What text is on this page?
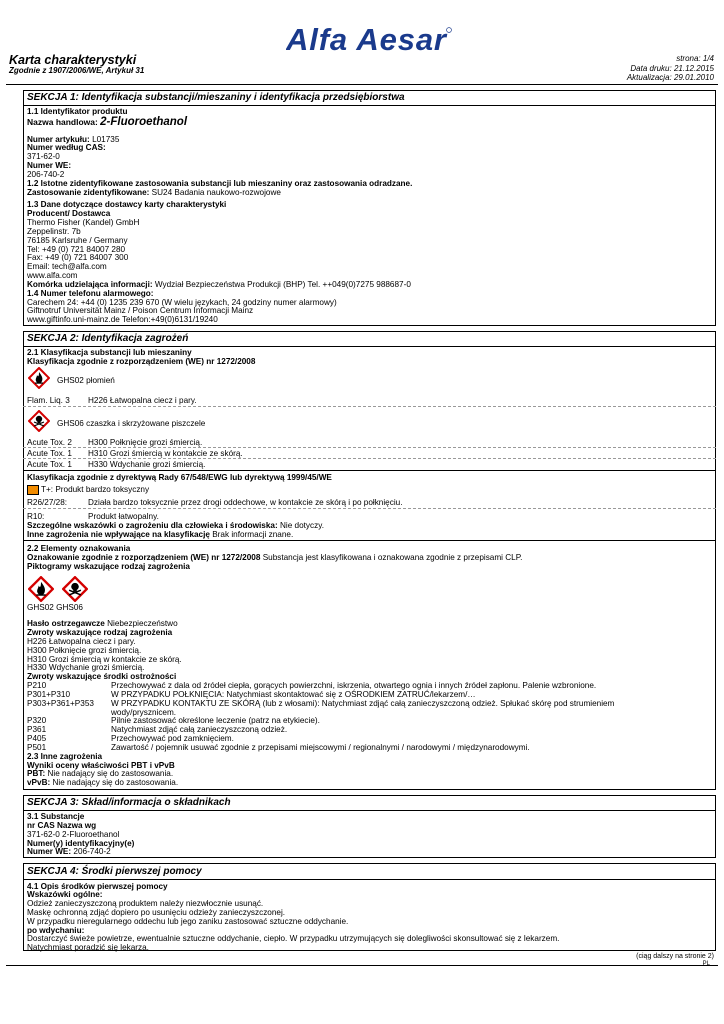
Alfa Aesar
Karta charakterystyki
Zgodnie z 1907/2006/WE, Artykuł 31
strona: 1/4
Data druku: 21.12.2015
Aktualizacja: 29.01.2010
SEKCJA 1: Identyfikacja substancji/mieszaniny i identyfikacja przedsiębiorstwa
1.1 Identyfikator produktu
Nazwa handlowa: 2-Fluoroethanol
Numer artykułu: L01735
Numer według CAS:
371-62-0
Numer WE:
206-740-2
1.2 Istotne zidentyfikowane zastosowania substancji lub mieszaniny oraz zastosowania odradzane.
Zastosowanie zidentyfikowane: SU24 Badania naukowo-rozwojowe
1.3 Dane dotyczące dostawcy karty charakterystyki
Producent/ Dostawca
Thermo Fisher (Kandel) GmbH
Zeppelinstr. 7b
76185 Karlsruhe / Germany
Tel: +49 (0) 721 84007 280
Fax: +49 (0) 721 84007 300
Email: tech@alfa.com
www.alfa.com
Komórka udzielająca informacji: Wydział Bezpieczeństwa Produkcji (BHP) Tel. ++049(0)7275 988687-0
1.4 Numer telefonu alarmowego:
Carechem 24: +44 (0) 1235 239 670 (W wielu językach, 24 godziny numer alarmowy)
Giftnotruf Universität Mainz / Poison Centrum Informacji Mainz
www.giftinfo.uni-mainz.de Telefon:+49(0)6131/19240
SEKCJA 2: Identyfikacja zagrożeń
2.1 Klasyfikacja substancji lub mieszaniny
Klasyfikacja zgodnie z rozporządzeniem (WE) nr 1272/2008
GHS02 płomień
Flam. Liq. 3 H226 Łatwopalna ciecz i pary.
GHS06 czaszka i skrzyżowane piszczele
Acute Tox. 2 H300 Połknięcie grozi śmiercią.
Acute Tox. 1 H310 Grozi śmiercią w kontakcie ze skórą.
Acute Tox. 1 H330 Wdychanie grozi śmiercią.
Klasyfikacja zgodnie z dyrektywą Rady 67/548/EWG lub dyrektywą 1999/45/WE
T+: Produkt bardzo toksyczny
R26/27/28:	Działa bardzo toksycznie przez drogi oddechowe, w kontakcie ze skórą i po połknięciu.
R10:	Produkt łatwopalny.
Szczególne wskazówki o zagrożeniu dla człowieka i środowiska: Nie dotyczy.
Inne zagrożenia nie wpływające na klasyfikację Brak informacji znane.
2.2 Elementy oznakowania
Oznakowanie zgodnie z rozporządzeniem (WE) nr 1272/2008 Substancja jest klasyfikowana i oznakowana zgodnie z przepisami CLP.
Piktogramy wskazujące rodzaj zagrożenia
GHS02 GHS06
Hasło ostrzegawcze Niebezpieczeństwo
Zwroty wskazujące rodzaj zagrożenia
H226 Łatwopalna ciecz i pary.
H300 Połknięcie grozi śmiercią.
H310 Grozi śmiercią w kontakcie ze skórą.
H330 Wdychanie grozi śmiercią.
Zwroty wskazujące środki ostrożności
P210	Przechowywać z dala od źródeł ciepła, gorących powierzchni, iskrzenia, otwartego ognia i innych źródeł zapłonu. Palenie wzbronione.
P301+P310	W PRZYPADKU POŁKNIĘCIA: Natychmiast skontaktować się z OŚRODKIEM ZATRUĆ/lekarzem/…
P303+P361+P353 W PRZYPADKU KONTAKTU ZE SKÓRĄ (lub z włosami): Natychmiast zdjąć całą zanieczyszczoną odzież. Spłukać skórę pod strumieniem
wody/prysznicem.
P320	Pilnie zastosować określone leczenie (patrz na etykiecie).
P361	Natychmiast zdjąć całą zanieczyszczoną odzież.
P405	Przechowywać pod zamknięciem.
P501	Zawartość / pojemnik usuwać zgodnie z przepisami miejscowymi / regionalnymi / narodowymi / międzynarodowymi.
2.3 Inne zagrożenia
Wyniki oceny właściwości PBT i vPvB
PBT: Nie nadający się do zastosowania.
vPvB: Nie nadający się do zastosowania.
SEKCJA 3: Skład/informacja o składnikach
3.1 Substancje
nr CAS Nazwa wg
371-62-0 2-Fluoroethanol
Numer(y) identyfikacyjny(e)
Numer WE: 206-740-2
SEKCJA 4: Środki pierwszej pomocy
4.1 Opis środków pierwszej pomocy
Wskazówki ogólne:
Odzież zanieczyszczoną produktem należy niezwłocznie usunąć.
Maskę ochronną zdjąć dopiero po usunięciu odzieży zanieczyszczonej.
W przypadku nieregularnego oddechu lub jego zaniku zastosować sztuczne oddychanie.
po wdychaniu:
Dostarczyć świeże powietrze, ewentualnie sztuczne oddychanie, ciepło. W przypadku utrzymujących się dolegliwości skonsultować się z lekarzem.
Natychmiast poradzić się lekarza.
(ciąg dalszy na stronie 2)
PL
